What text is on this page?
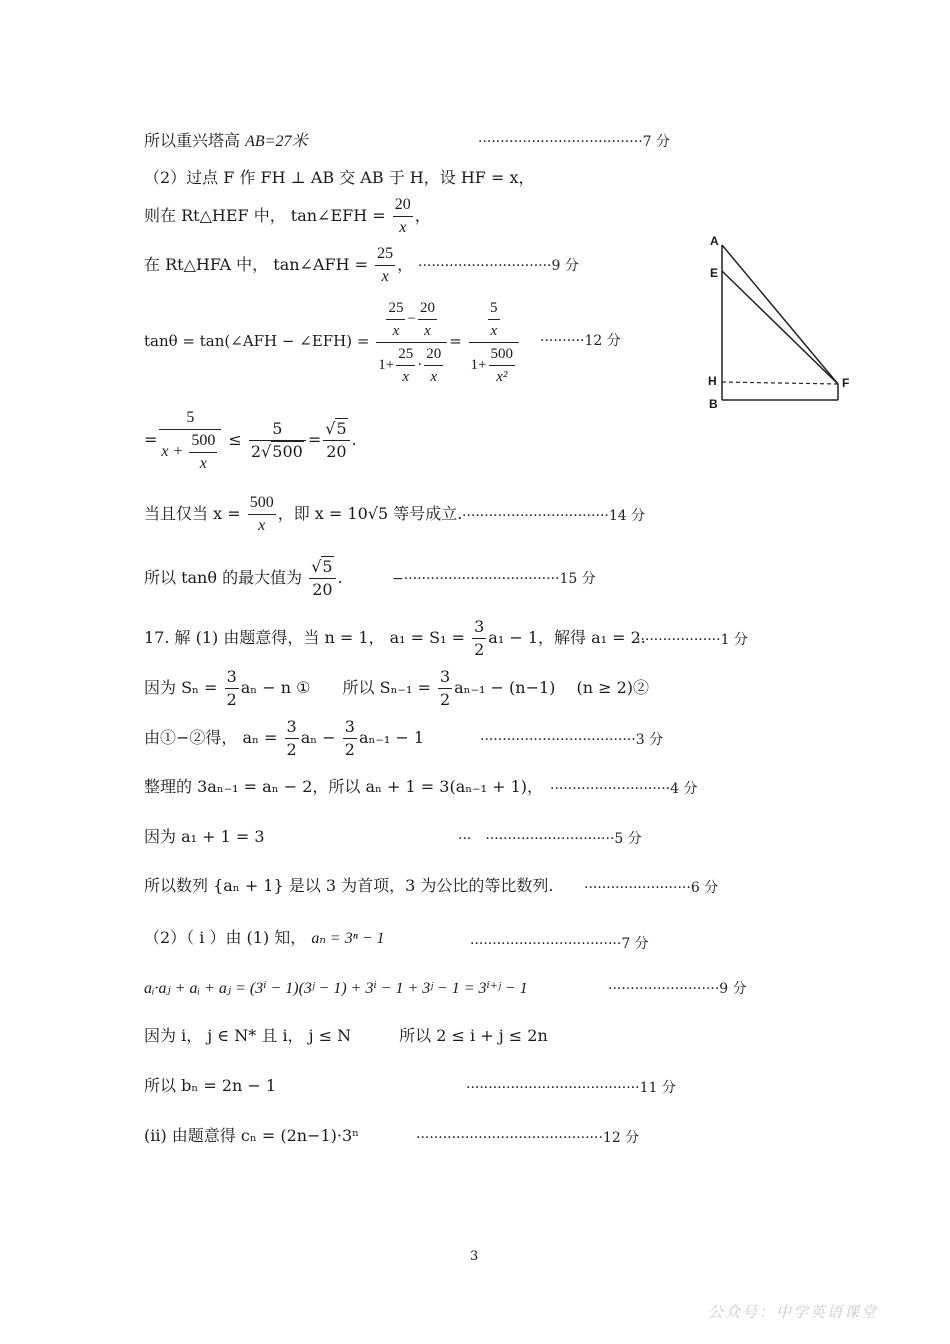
所以重兴塔高 AB=27米	·····································7 分
（2）过点 F 作 FH ⊥ AB 交 AB 于 H，设 HF = x，
则在 Rt△HEF 中， tan∠EFH = $\frac{20}{x}$ ，
在 Rt△HFA 中， tan∠AFH = $\frac{25}{x}$ ， ······························9 分
tanθ = tan(∠AFH − ∠EFH) = $\frac{\frac{25}{x} - \frac{20}{x}}{1+ \frac{25}{x} \cdot \frac{20}{x}} = \frac{\frac{5}{x}}{1+ \frac{500}{\text{x²}}} \cdot\cdot\cdot\cdot\cdot\cdot\cdot\cdot\cdot\cdot 12$ 分
= $\frac{5}{x + \frac{500}{x}} \le \frac{5}{2√500} = \frac{√5}{20}$ .
当且仅当 $x = \frac{500}{x}$ ，即 x = 10√5 等号成立. ·································14 分
所以 tanθ 的最大值为 $\frac{√5}{20}$ .	−···································15 分
A
E
H
B
F
17. 解 (1) 由题意得，当 n = 1， $a_1 = S_1 = \frac{3}{2} a_1 - 1$，解得 a₁ = 2.
···················1 分
因为 $S_n = \frac{3}{2}$ aₙ − n ①　　所以 $S_{n-1} = \frac{3}{2} a_{n-1} - (n-1)$　 (n ≥ 2)②
由①−②得， $a_n = \frac{3}{2}$ $a_n - \frac{3}{2} a_{n-1} - 1$	···································3 分
整理的 3aₙ₋₁ = aₙ − 2，所以 aₙ + 1 = 3(aₙ₋₁ + 1)， ···························4 分
因为 a₁ + 1 = 3	···　·····························5 分
所以数列 {aₙ + 1} 是以 3 为首项，3 为公比的等比数列. ························6 分
（2）（ i ）由 (1) 知， aₙ = 3ⁿ − 1	··································7 分
aᵢ·aⱼ + aᵢ + aⱼ = (3ⁱ − 1)(3ʲ − 1) + 3ⁱ − 1 + 3ʲ − 1 = 3ⁱ⁺ʲ − 1	·························9 分
因为 i， j ∈ N* 且 i， j ≤ N　　　所以 2 ≤ i + j ≤ 2n
所以 bₙ = 2n − 1	·······································11 分
(ii) 由题意得 cₙ = (2n−1)·3ⁿ	··········································12 分
3
公众号：中学英语课堂
